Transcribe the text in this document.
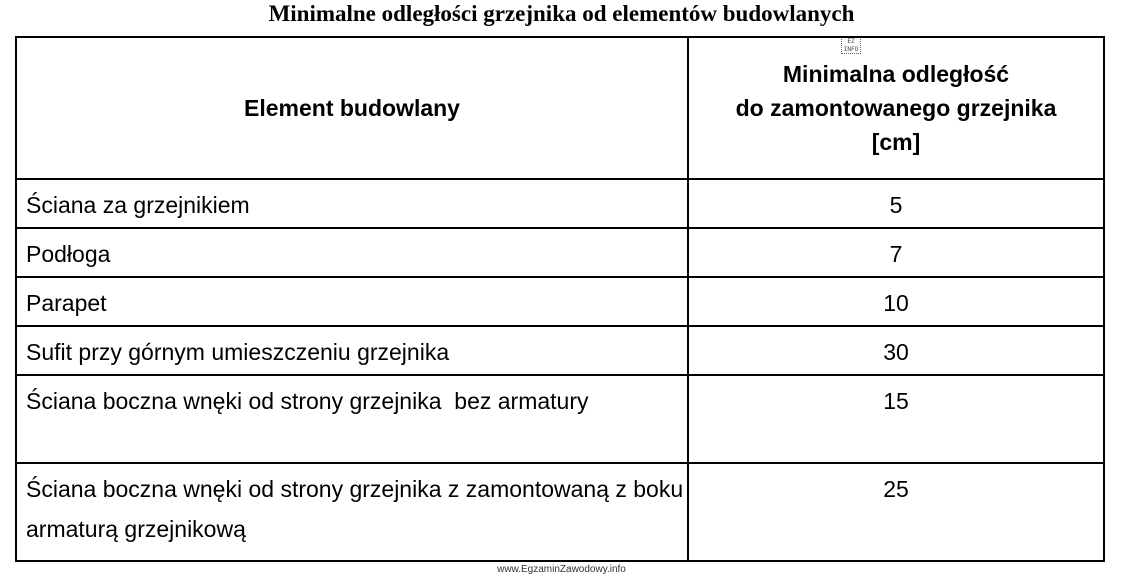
Minimalne odległości grzejnika od elementów budowlanych
EZ
INFO
Element budowlany	Minimalna odległość
do zamontowanego grzejnika
[cm]

Ściana za grzejnikiem	5
Podłoga	7
Parapet	10
Sufit przy górnym umieszczeniu grzejnika	30
Ściana boczna wnęki od strony grzejnika  bez armatury	15
Ściana boczna wnęki od strony grzejnika z zamontowaną z boku armaturą grzejnikową	25
www.EgzaminZawodowy.info
